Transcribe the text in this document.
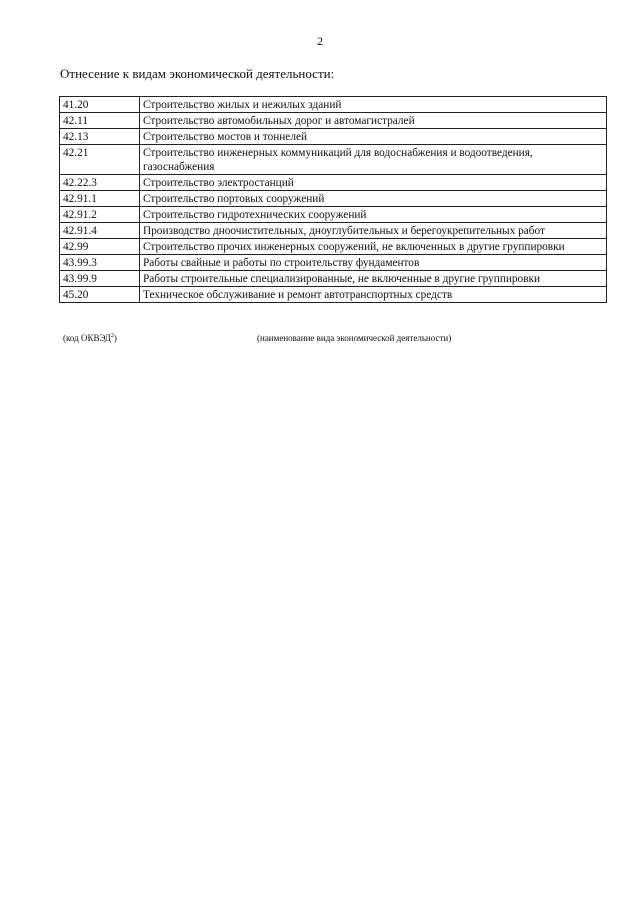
2
Отнесение к видам экономической деятельности:
41.20	Строительство жилых и нежилых зданий
42.11	Строительство автомобильных дорог и автомагистралей
42.13	Строительство мостов и тоннелей
42.21	Строительство инженерных коммуникаций для водоснабжения и водоотведения, газоснабжения
42.22.3	Строительство электростанций
42.91.1	Строительство портовых сооружений
42.91.2	Строительство гидротехнических сооружений
42.91.4	Производство дноочистительных, дноуглубительных и берегоукрепительных работ
42.99	Строительство прочих инженерных сооружений, не включенных в другие группировки
43.99.3	Работы свайные и работы по строительству фундаментов
43.99.9	Работы строительные специализированные, не включенные в другие группировки
45.20	Техническое обслуживание и ремонт автотранспортных средств
(код ОКВЭД$^2$)	(наименование вида экономической деятельности)
